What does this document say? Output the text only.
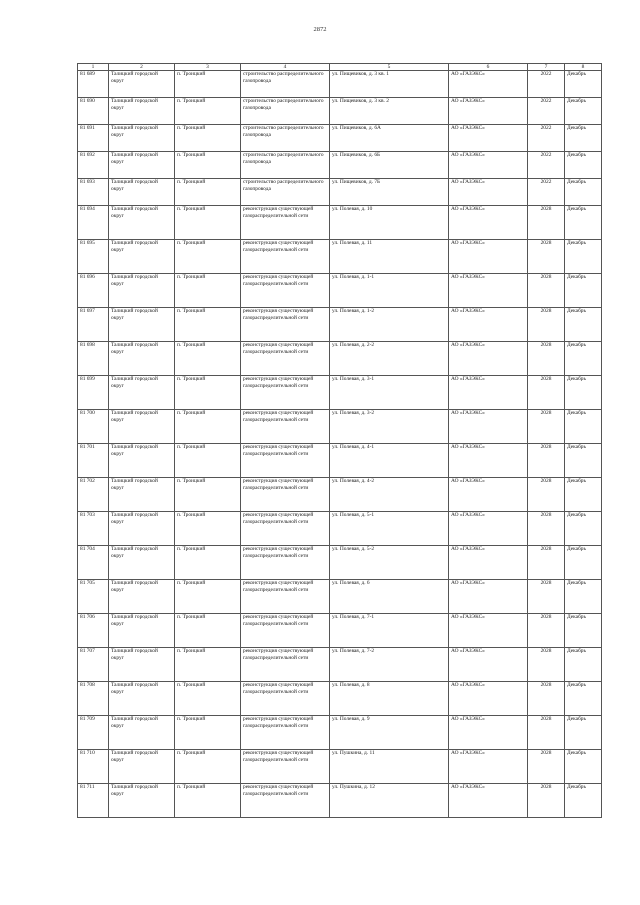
2872
1	2	3	4	5	6	7	8
81 689	Талицкий городской округ	п. Троицкий	строительство распределительного газопровода	ул. Пищевиков, д. 3 кв. 1	АО «ГАЗЭКС»	2022	Декабрь
81 690	Талицкий городской округ	п. Троицкий	строительство распределительного газопровода	ул. Пищевиков, д. 3 кв. 2	АО «ГАЗЭКС»	2022	Декабрь
81 691	Талицкий городской округ	п. Троицкий	строительство распределительного газопровода	ул. Пищевиков, д. 6А	АО «ГАЗЭКС»	2022	Декабрь
81 692	Талицкий городской округ	п. Троицкий	строительство распределительного газопровода	ул. Пищевиков, д. 6Б	АО «ГАЗЭКС»	2022	Декабрь
81 693	Талицкий городской округ	п. Троицкий	строительство распределительного газопровода	ул. Пищевиков, д. 7Б	АО «ГАЗЭКС»	2022	Декабрь
81 694	Талицкий городской округ	п. Троицкий	реконструкция существующей газораспределительной сети	ул. Полевая, д. 10	АО «ГАЗЭКС»	2028	Декабрь
81 695	Талицкий городской округ	п. Троицкий	реконструкция существующей газораспределительной сети	ул. Полевая, д. 11	АО «ГАЗЭКС»	2028	Декабрь
81 696	Талицкий городской округ	п. Троицкий	реконструкция существующей газораспределительной сети	ул. Полевая, д. 1-1	АО «ГАЗЭКС»	2028	Декабрь
81 697	Талицкий городской округ	п. Троицкий	реконструкция существующей газораспределительной сети	ул. Полевая, д. 1-2	АО «ГАЗЭКС»	2028	Декабрь
81 698	Талицкий городской округ	п. Троицкий	реконструкция существующей газораспределительной сети	ул. Полевая, д. 2-2	АО «ГАЗЭКС»	2028	Декабрь
81 699	Талицкий городской округ	п. Троицкий	реконструкция существующей газораспределительной сети	ул. Полевая, д. 3-1	АО «ГАЗЭКС»	2028	Декабрь
81 700	Талицкий городской округ	п. Троицкий	реконструкция существующей газораспределительной сети	ул. Полевая, д. 3-2	АО «ГАЗЭКС»	2028	Декабрь
81 701	Талицкий городской округ	п. Троицкий	реконструкция существующей газораспределительной сети	ул. Полевая, д. 4-1	АО «ГАЗЭКС»	2028	Декабрь
81 702	Талицкий городской округ	п. Троицкий	реконструкция существующей газораспределительной сети	ул. Полевая, д. 4-2	АО «ГАЗЭКС»	2028	Декабрь
81 703	Талицкий городской округ	п. Троицкий	реконструкция существующей газораспределительной сети	ул. Полевая, д. 5-1	АО «ГАЗЭКС»	2028	Декабрь
81 704	Талицкий городской округ	п. Троицкий	реконструкция существующей газораспределительной сети	ул. Полевая, д. 5-2	АО «ГАЗЭКС»	2028	Декабрь
81 705	Талицкий городской округ	п. Троицкий	реконструкция существующей газораспределительной сети	ул. Полевая, д. 6	АО «ГАЗЭКС»	2028	Декабрь
81 706	Талицкий городской округ	п. Троицкий	реконструкция существующей газораспределительной сети	ул. Полевая, д. 7-1	АО «ГАЗЭКС»	2028	Декабрь
81 707	Талицкий городской округ	п. Троицкий	реконструкция существующей газораспределительной сети	ул. Полевая, д. 7-2	АО «ГАЗЭКС»	2028	Декабрь
81 708	Талицкий городской округ	п. Троицкий	реконструкция существующей газораспределительной сети	ул. Полевая, д. 8	АО «ГАЗЭКС»	2028	Декабрь
81 709	Талицкий городской округ	п. Троицкий	реконструкция существующей газораспределительной сети	ул. Полевая, д. 9	АО «ГАЗЭКС»	2028	Декабрь
81 710	Талицкий городской округ	п. Троицкий	реконструкция существующей газораспределительной сети	ул. Пушкина, д. 11	АО «ГАЗЭКС»	2028	Декабрь
81 711	Талицкий городской округ	п. Троицкий	реконструкция существующей газораспределительной сети	ул. Пушкина, д. 12	АО «ГАЗЭКС»	2028	Декабрь
